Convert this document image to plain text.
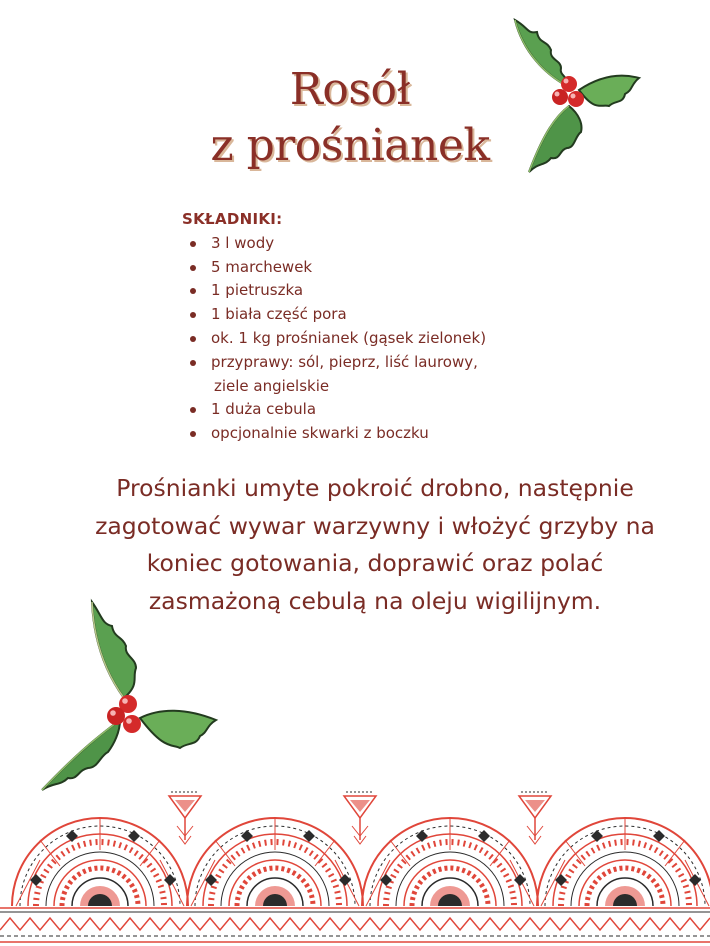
Rosół
z prośnianek
SKŁADNIKI:
3 l wody
5 marchewek
1 pietruszka
1 biała część pora
ok. 1 kg prośnianek (gąsek zielonek)
przyprawy: sól, pieprz, liść laurowy,
ziele angielskie
1 duża cebula
opcjonalnie skwarki z boczku
Prośnianki umyte pokroić drobno, następnie
zagotować wywar warzywny i włożyć grzyby na
koniec gotowania, doprawić oraz polać
zasmażoną cebulą na oleju wigilijnym.
